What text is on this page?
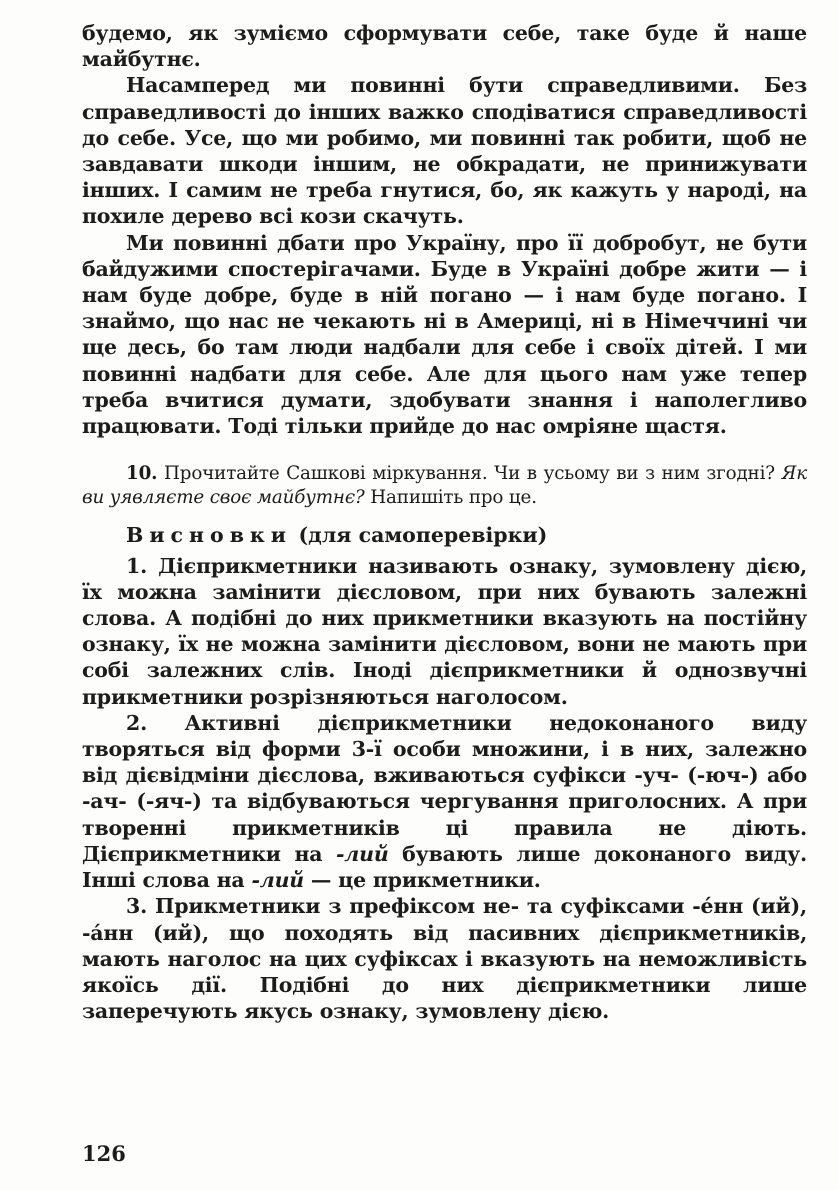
будемо, як зуміємо сформувати себе, таке буде й наше майбутнє.

Насамперед ми повинні бути справедливими. Без справедливості до інших важко сподіватися справедливості до себе. Усе, що ми робимо, ми повинні так робити, щоб не завдавати шкоди іншим, не обкрадати, не принижувати інших. І самим не треба гнутися, бо, як кажуть у народі, на похиле дерево всі кози скачуть.

Ми повинні дбати про Україну, про її добробут, не бути байдужими спостерігачами. Буде в Україні добре жити — і нам буде добре, буде в ній погано — і нам буде погано. І знаймо, що нас не чекають ні в Америці, ні в Німеччині чи ще десь, бо там люди надбали для себе і своїх дітей. І ми повинні надбати для себе. Але для цього нам уже тепер треба вчитися думати, здобувати знання і наполегливо працювати. Тоді тільки прийде до нас омріяне щастя.

10. Прочитайте Сашкові міркування. Чи в усьому ви з ним згодні? Як ви уявляєте своє майбутнє? Напишіть про це.

Висновки (для самоперевірки)

1. Дієприкметники називають ознаку, зумовлену дією, їх можна замінити дієсловом, при них бувають залежні слова. А подібні до них прикметники вказують на постійну ознаку, їх не можна замінити дієсловом, вони не мають при собі залежних слів. Іноді дієприкметники й однозвучні прикметники розрізняються наголосом.

2. Активні дієприкметники недоконаного виду творяться від форми 3-ї особи множини, і в них, залежно від дієвідміни дієслова, вживаються суфікси -уч- (-юч-) або -ач- (-яч-) та відбуваються чергування приголосних. А при творенні прикметників ці правила не діють. Дієприкметники на -лий бувають лише доконаного виду. Інші слова на -лий — це прикметники.

3. Прикметники з префіксом не- та суфіксами -е́нн (ий), -а́нн (ий), що походять від пасивних дієприкметників, мають наголос на цих суфіксах і вказують на неможливість якоїсь дії. Подібні до них дієприкметники лише заперечують якусь ознаку, зумовлену дією.

126
